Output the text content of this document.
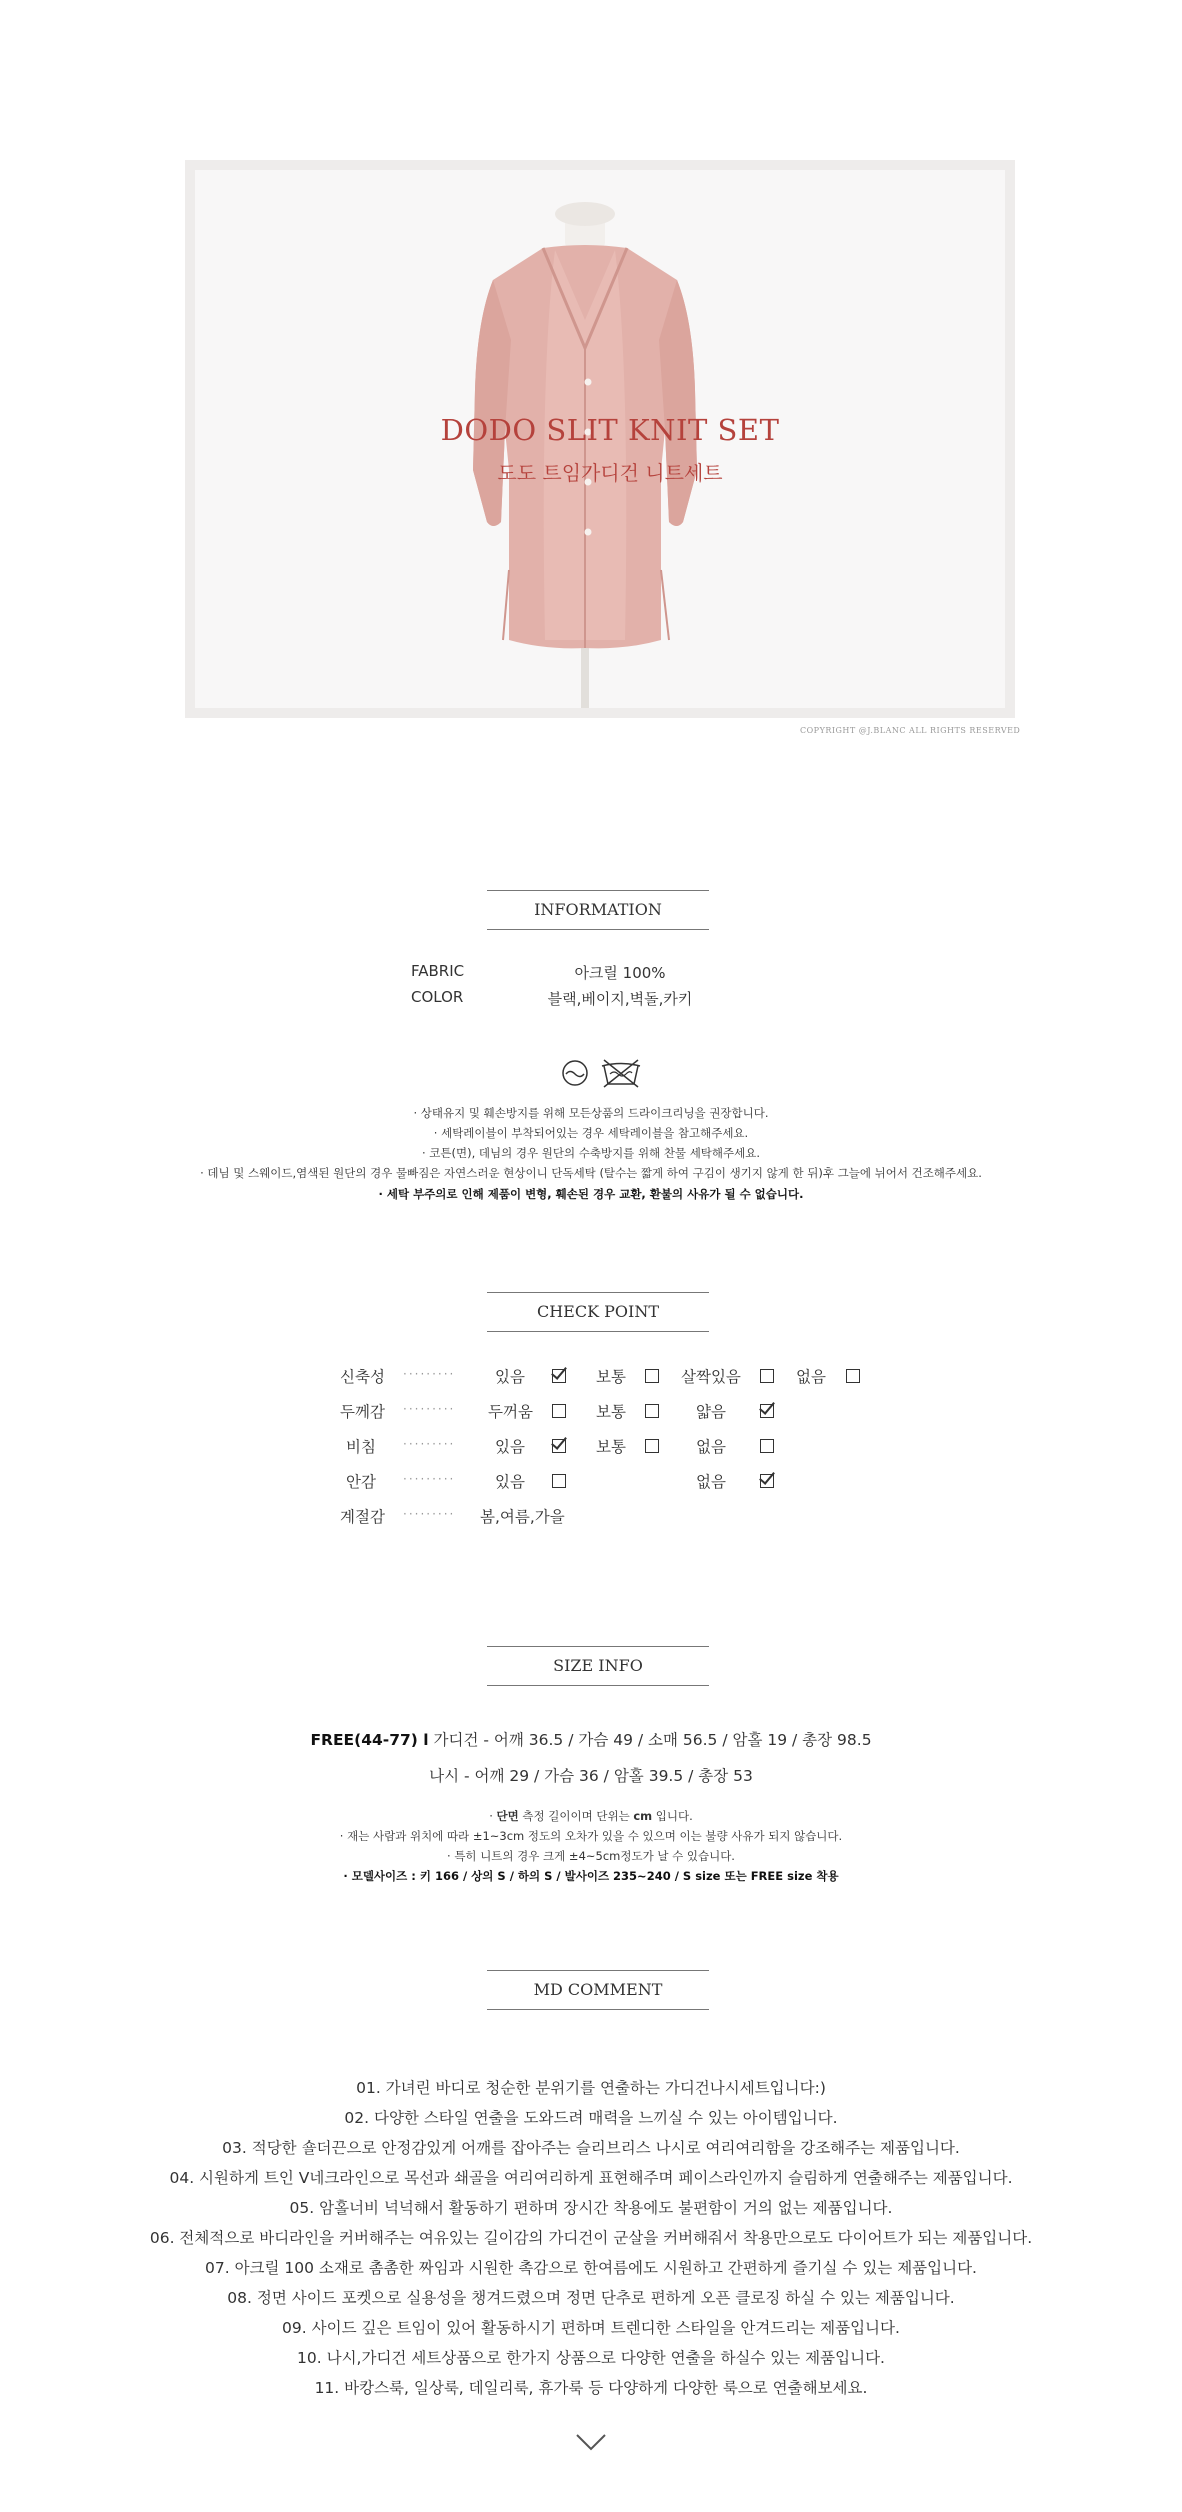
DODO SLIT KNIT SET
도도 트임가디건 니트세트
COPYRIGHT @J.BLANC ALL RIGHTS RESERVED
INFORMATION
FABRIC	아크릴 100%
COLOR	블랙,베이지,벽돌,카키
· 상태유지 및 훼손방지를 위해 모든상품의 드라이크리닝을 권장합니다.
· 세탁레이블이 부착되어있는 경우 세탁레이블을 참고해주세요.
· 코튼(면), 데님의 경우 원단의 수축방지를 위해 찬물 세탁해주세요.
· 데님 및 스웨이드,염색된 원단의 경우 물빠짐은 자연스러운 현상이니 단독세탁 (탈수는 짧게 하여 구김이 생기지 않게 한 뒤)후 그늘에 뉘어서 건조해주세요.
· 세탁 부주의로 인해 제품이 변형, 훼손된 경우 교환, 환불의 사유가 될 수 없습니다.
CHECK POINT
신축성 ·········	있음	보통	살짝있음	없음
두께감 ········· 두꺼움	보통	얇음
비침 ·········	있음	보통	없음
안감 ·········	있음	없음
계절감 ········· 봄,여름,가을
SIZE INFO
FREE(44-77) l 가디건 - 어깨 36.5 / 가슴 49 / 소매 56.5 / 암홀 19 / 총장 98.5
나시 - 어깨 29 / 가슴 36 / 암홀 39.5 / 총장 53
· 단면 측정 길이이며 단위는 cm 입니다.
· 재는 사람과 위치에 따라 ±1~3cm 정도의 오차가 있을 수 있으며 이는 불량 사유가 되지 않습니다.
· 특히 니트의 경우 크게 ±4~5cm정도가 날 수 있습니다.
· 모델사이즈 : 키 166 / 상의 S / 하의 S / 발사이즈 235~240 / S size 또는 FREE size 착용
MD COMMENT
01. 가녀린 바디로 청순한 분위기를 연출하는 가디건나시세트입니다:)
02. 다양한 스타일 연출을 도와드려 매력을 느끼실 수 있는 아이템입니다.
03. 적당한 숄더끈으로 안정감있게 어깨를 잡아주는 슬리브리스 나시로 여리여리함을 강조해주는 제품입니다.
04. 시원하게 트인 V네크라인으로 목선과 쇄골을 여리여리하게 표현해주며 페이스라인까지 슬림하게 연출해주는 제품입니다.
05. 암홀너비 넉넉해서 활동하기 편하며 장시간 착용에도 불편함이 거의 없는 제품입니다.
06. 전체적으로 바디라인을 커버해주는 여유있는 길이감의 가디건이 군살을 커버해줘서 착용만으로도 다이어트가 되는 제품입니다.
07. 아크릴 100 소재로 촘촘한 짜임과 시원한 촉감으로 한여름에도 시원하고 간편하게 즐기실 수 있는 제품입니다.
08. 정면 사이드 포켓으로 실용성을 챙겨드렸으며 정면 단추로 편하게 오픈 클로징 하실 수 있는 제품입니다.
09. 사이드 깊은 트임이 있어 활동하시기 편하며 트렌디한 스타일을 안겨드리는 제품입니다.
10. 나시,가디건 세트상품으로 한가지 상품으로 다양한 연출을 하실수 있는 제품입니다.
11. 바캉스룩, 일상룩, 데일리룩, 휴가룩 등 다양하게 다양한 룩으로 연출해보세요.
